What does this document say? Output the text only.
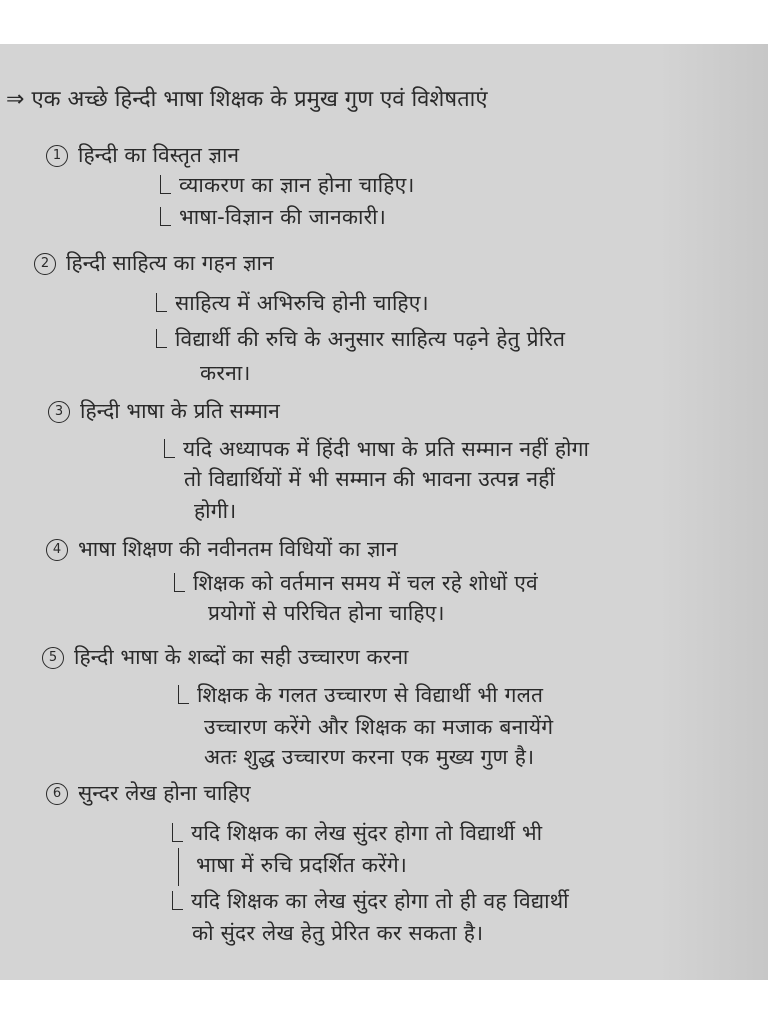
⇒ एक अच्छे हिन्दी भाषा शिक्षक के प्रमुख गुण एवं विशेषताएं
1 हिन्दी का विस्तृत ज्ञान
व्याकरण का ज्ञान होना चाहिए।
भाषा-विज्ञान की जानकारी।
2 हिन्दी साहित्य का गहन ज्ञान
साहित्य में अभिरुचि होनी चाहिए।
विद्यार्थी की रुचि के अनुसार साहित्य पढ़ने हेतु प्रेरित
करना।
3 हिन्दी भाषा के प्रति सम्मान
यदि अध्यापक में हिंदी भाषा के प्रति सम्मान नहीं होगा
तो विद्यार्थियों में भी सम्मान की भावना उत्पन्न नहीं
होगी।
4 भाषा शिक्षण की नवीनतम विधियों का ज्ञान
शिक्षक को वर्तमान समय में चल रहे शोधों एवं
प्रयोगों से परिचित होना चाहिए।
5 हिन्दी भाषा के शब्दों का सही उच्चारण करना
शिक्षक के गलत उच्चारण से विद्यार्थी भी गलत
उच्चारण करेंगे और शिक्षक का मजाक बनायेंगे
अतः शुद्ध उच्चारण करना एक मुख्य गुण है।
6 सुन्दर लेख होना चाहिए
यदि शिक्षक का लेख सुंदर होगा तो विद्यार्थी भी
भाषा में रुचि प्रदर्शित करेंगे।
यदि शिक्षक का लेख सुंदर होगा तो ही वह विद्यार्थी
को सुंदर लेख हेतु प्रेरित कर सकता है।
